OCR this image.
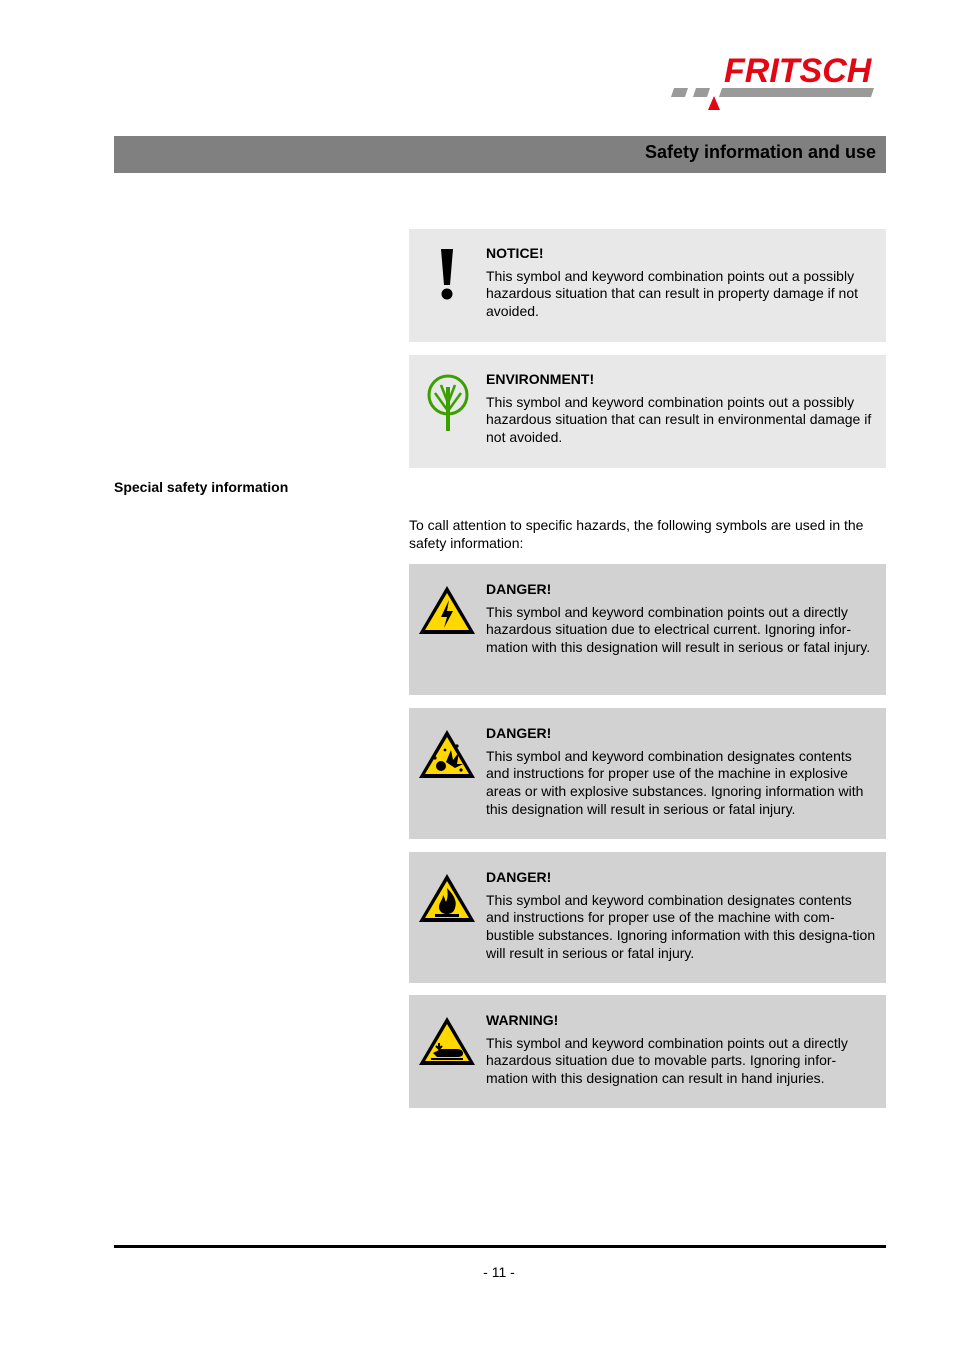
FRITSCH
Safety information and use
NOTICE!
This symbol and keyword combination points out a possibly hazardous situation that can result in property damage if not avoided.
ENVIRONMENT!
This symbol and keyword combination points out a possibly hazardous situation that can result in environmental damage if not avoided.
Special safety information
To call attention to specific hazards, the following symbols are used in the safety information:
DANGER!
This symbol and keyword combination points out a directly hazardous situation due to electrical current. Ignoring infor-mation with this designation will result in serious or fatal injury.
DANGER!
This symbol and keyword combination designates contents and instructions for proper use of the machine in explosive areas or with explosive substances. Ignoring information with this designation will result in serious or fatal injury.
DANGER!
This symbol and keyword combination designates contents and instructions for proper use of the machine with com-bustible substances. Ignoring information with this designa-tion will result in serious or fatal injury.
WARNING!
This symbol and keyword combination points out a directly hazardous situation due to movable parts. Ignoring infor-mation with this designation can result in hand injuries.
- 11 -
